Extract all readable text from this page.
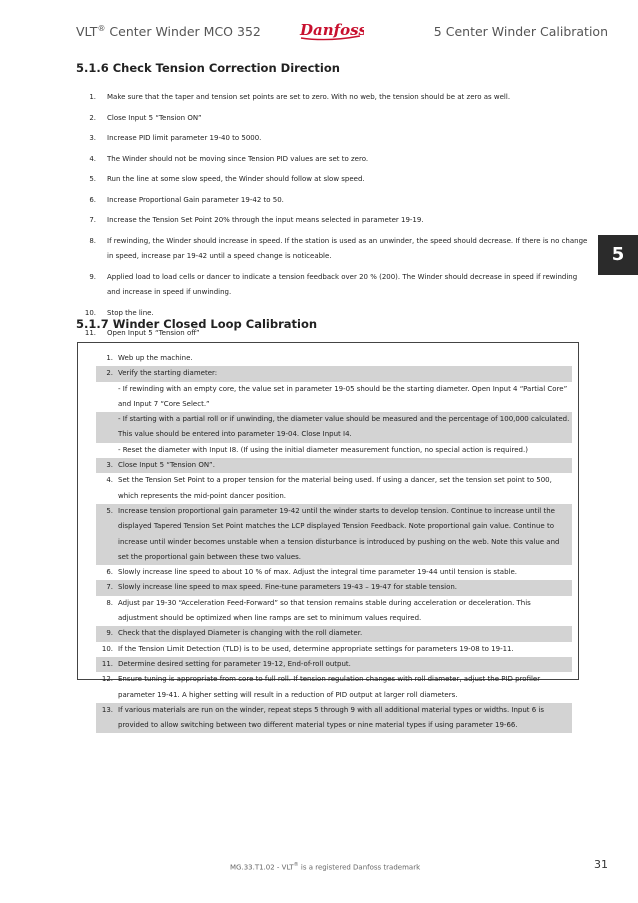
VLT® Center Winder MCO 352	Danfoss	5 Center Winder Calibration
5.1.6 Check Tension Correction Direction
1. Make sure that the taper and tension set points are set to zero. With no web, the tension should be at zero as well.
2. Close Input 5 “Tension ON”
3. Increase PID limit parameter 19-40 to 5000.
4. The Winder should not be moving since Tension PID values are set to zero.
5. Run the line at some slow speed, the Winder should follow at slow speed.
6. Increase Proportional Gain parameter 19-42 to 50.
7. Increase the Tension Set Point 20% through the input means selected in parameter 19-19.
8. If rewinding, the Winder should increase in speed. If the station is used as an unwinder, the speed should decrease. If there is no change in speed, increase par 19-42 until a speed change is noticeable.
9. Applied load to load cells or dancer to indicate a tension feedback over 20 % (200). The Winder should decrease in speed if rewinding and increase in speed if unwinding.
10. Stop the line.
11. Open Input 5 “Tension off”
5
5.1.7 Winder Closed Loop Calibration
1. Web up the machine.
2. Verify the starting diameter:
- If rewinding with an empty core, the value set in parameter 19-05 should be the starting diameter. Open Input 4 “Partial Core” and Input 7 “Core Select.”
- If starting with a partial roll or if unwinding, the diameter value should be measured and the percentage of 100,000 calculated. This value should be entered into parameter 19-04. Close Input I4.
- Reset the diameter with Input I8. (If using the initial diameter measurement function, no special action is required.)
3. Close Input 5 “Tension ON”.
4. Set the Tension Set Point to a proper tension for the material being used. If using a dancer, set the tension set point to 500, which represents the mid-point dancer position.
5. Increase tension proportional gain parameter 19-42 until the winder starts to develop tension. Continue to increase until the displayed Tapered Tension Set Point matches the LCP displayed Tension Feedback. Note proportional gain value. Continue to increase until winder becomes unstable when a tension disturbance is introduced by pushing on the web. Note this value and set the proportional gain between these two values.
6. Slowly increase line speed to about 10 % of max. Adjust the integral time parameter 19-44 until tension is stable.
7. Slowly increase line speed to max speed. Fine-tune parameters 19-43 – 19-47 for stable tension.
8. Adjust par 19-30 “Acceleration Feed-Forward” so that tension remains stable during acceleration or deceleration. This adjustment should be optimized when line ramps are set to minimum values required.
9. Check that the displayed Diameter is changing with the roll diameter.
10. If the Tension Limit Detection (TLD) is to be used, determine appropriate settings for parameters 19-08 to 19-11.
11. Determine desired setting for parameter 19-12, End-of-roll output.
12. Ensure tuning is appropriate from core to full roll. If tension regulation changes with roll diameter, adjust the PID profiler parameter 19-41. A higher setting will result in a reduction of PID output at larger roll diameters.
13. If various materials are run on the winder, repeat steps 5 through 9 with all additional material types or widths. Input 6 is provided to allow switching between two different material types or nine material types if using parameter 19-66.
MG.33.T1.02 - VLT® is a registered Danfoss trademark	31
